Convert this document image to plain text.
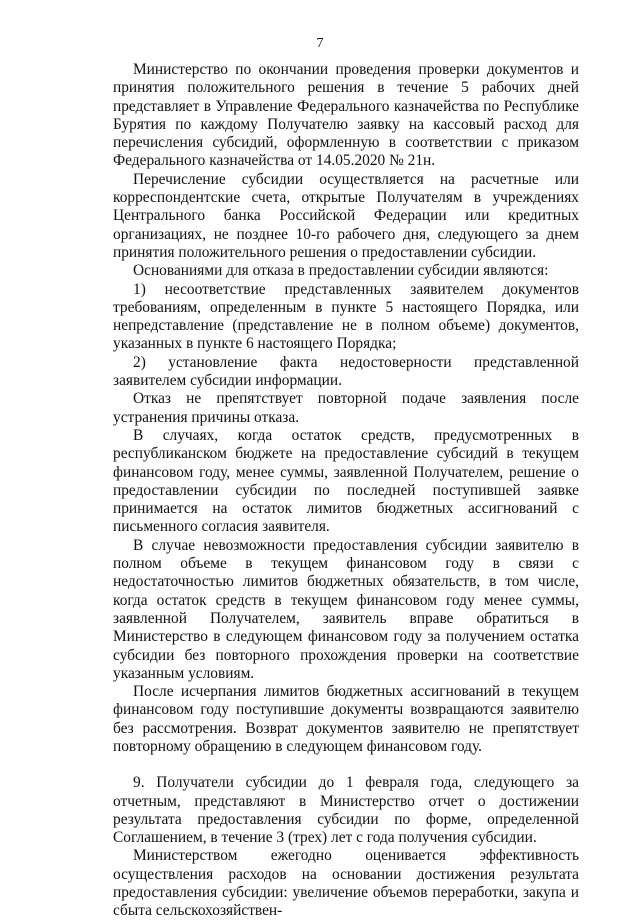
7

Министерство по окончании проведения проверки документов и принятия положительного решения в течение 5 рабочих дней представляет в Управление Федерального казначейства по Республике Бурятия по каждому Получателю заявку на кассовый расход для перечисления субсидий, оформленную в соответствии с приказом Федерального казначейства от 14.05.2020 № 21н.

Перечисление субсидии осуществляется на расчетные или корреспондентские счета, открытые Получателям в учреждениях Центрального банка Российской Федерации или кредитных организациях, не позднее 10-го рабочего дня, следующего за днем принятия положительного решения о предоставлении субсидии.

Основаниями для отказа в предоставлении субсидии являются:

1) несоответствие представленных заявителем документов требованиям, определенным в пункте 5 настоящего Порядка, или непредставление (представление не в полном объеме) документов, указанных в пункте 6 настоящего Порядка;

2) установление факта недостоверности представленной заявителем субсидии информации.

Отказ не препятствует повторной подаче заявления после устранения причины отказа.

В случаях, когда остаток средств, предусмотренных в республиканском бюджете на предоставление субсидий в текущем финансовом году, менее суммы, заявленной Получателем, решение о предоставлении субсидии по последней поступившей заявке принимается на остаток лимитов бюджетных ассигнований с письменного согласия заявителя.

В случае невозможности предоставления субсидии заявителю в полном объеме в текущем финансовом году в связи с недостаточностью лимитов бюджетных обязательств, в том числе, когда остаток средств в текущем финансовом году менее суммы, заявленной Получателем, заявитель вправе обратиться в Министерство в следующем финансовом году за получением остатка субсидии без повторного прохождения проверки на соответствие указанным условиям.

После исчерпания лимитов бюджетных ассигнований в текущем финансовом году поступившие документы возвращаются заявителю без рассмотрения. Возврат документов заявителю не препятствует повторному обращению в следующем финансовом году.

9. Получатели субсидии до 1 февраля года, следующего за отчетным, представляют в Министерство отчет о достижении результата предоставления субсидии по форме, определенной Соглашением, в течение 3 (трех) лет с года получения субсидии.

Министерством ежегодно оценивается эффективность осуществления расходов на основании достижения результата предоставления субсидии: увеличение объемов переработки, закупа и сбыта сельскохозяйствен-
